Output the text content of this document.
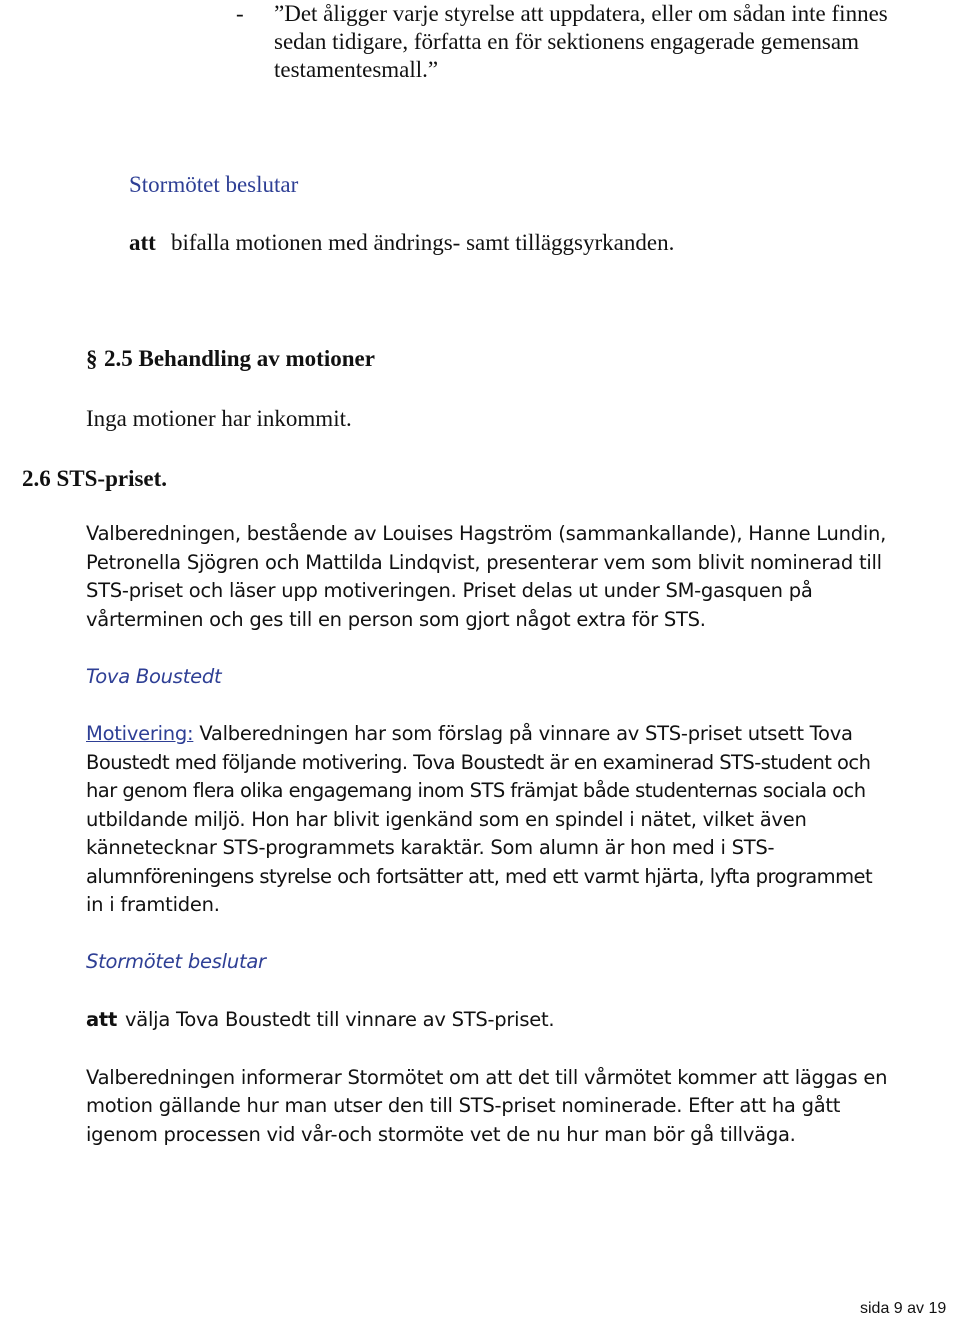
- ”Det åligger varje styrelse att uppdatera, eller om sådan inte finnes
sedan tidigare, författa en för sektionens engagerade gemensam
testamentesmall.”
Stormötet beslutar
att bifalla motionen med ändrings- samt tilläggsyrkanden.
§ 2.5 Behandling av motioner
Inga motioner har inkommit.
2.6 STS-priset.
Valberedningen, bestående av Louises Hagström (sammankallande), Hanne Lundin,
Petronella Sjögren och Mattilda Lindqvist, presenterar vem som blivit nominerad till
STS-priset och läser upp motiveringen. Priset delas ut under SM-gasquen på
vårterminen och ges till en person som gjort något extra för STS.
Tova Boustedt
Motivering: Valberedningen har som förslag på vinnare av STS-priset utsett Tova
Boustedt med följande motivering. Tova Boustedt är en examinerad STS-student och
har genom flera olika engagemang inom STS främjat både studenternas sociala och
utbildande miljö. Hon har blivit igenkänd som en spindel i nätet, vilket även
kännetecknar STS-programmets karaktär. Som alumn är hon med i STS-
alumnföreningens styrelse och fortsätter att, med ett varmt hjärta, lyfta programmet
in i framtiden.
Stormötet beslutar
att välja Tova Boustedt till vinnare av STS-priset.
Valberedningen informerar Stormötet om att det till vårmötet kommer att läggas en
motion gällande hur man utser den till STS-priset nominerade. Efter att ha gått
igenom processen vid vår-och stormöte vet de nu hur man bör gå tillväga.
sida 9 av 19
